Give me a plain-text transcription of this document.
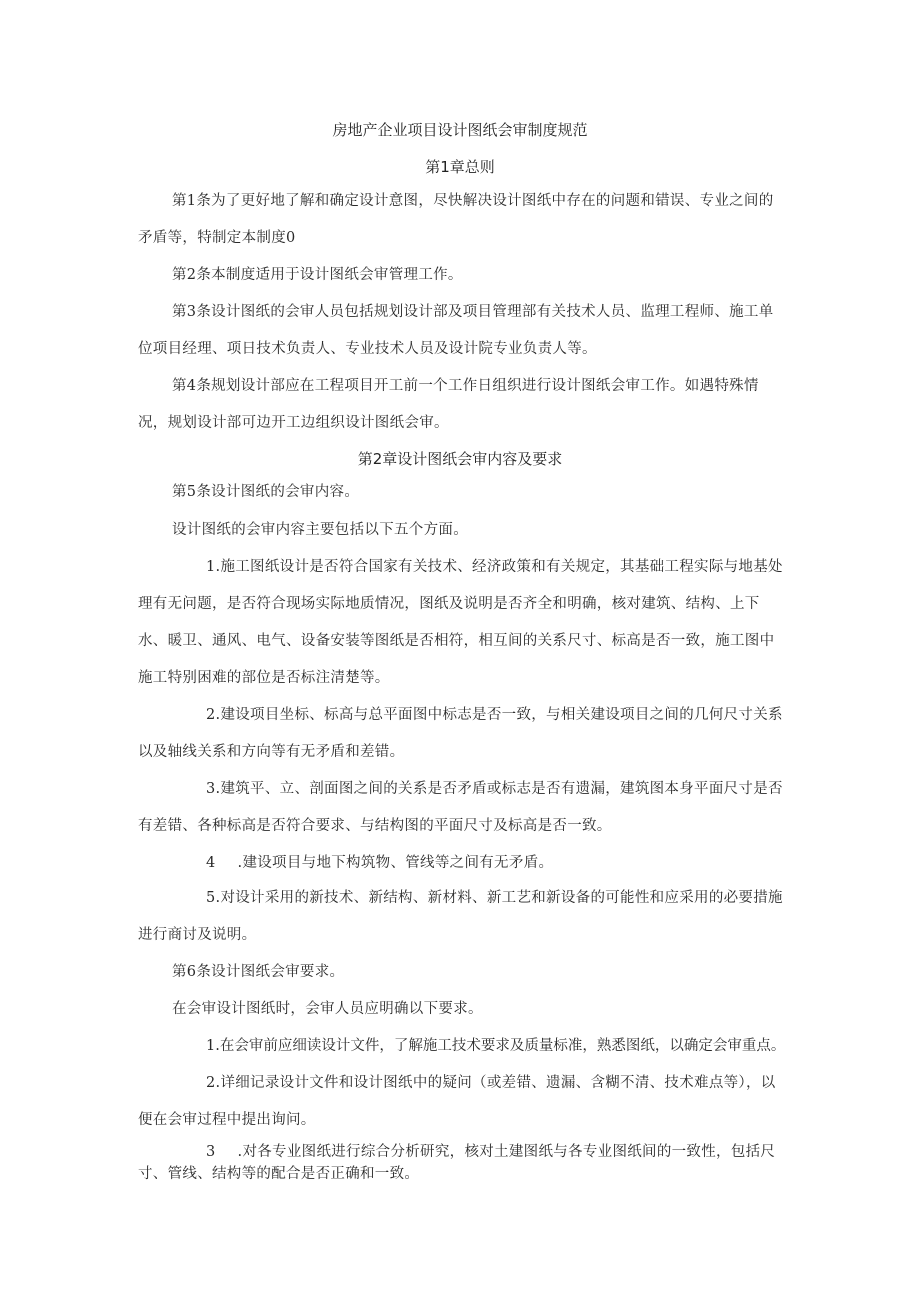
房地产企业项目设计图纸会审制度规范
第1章总则
第1条为了更好地了解和确定设计意图，尽快解决设计图纸中存在的问题和错误、专业之间的矛盾等，特制定本制度0
第2条本制度适用于设计图纸会审管理工作。
第3条设计图纸的会审人员包括规划设计部及项目管理部有关技术人员、监理工程师、施工单位项目经理、项日技术负责人、专业技术人员及设计院专业负责人等。
第4条规划设计部应在工程项目开工前一个工作日组织进行设计图纸会审工作。如遇特殊情况，规划设计部可边开工边组织设计图纸会审。
第2章设计图纸会审内容及要求
第5条设计图纸的会审内容。
设计图纸的会审内容主要包括以下五个方面。
1.施工图纸设计是否符合国家有关技术、经济政策和有关规定，其基础工程实际与地基处理有无问题，是否符合现场实际地质情况，图纸及说明是否齐全和明确，核对建筑、结构、上下水、暖卫、通风、电气、设备安装等图纸是否相符，相互间的关系尺寸、标高是否一致，施工图中施工特别困难的部位是否标注清楚等。
2.建设项目坐标、标高与总平面图中标志是否一致，与相关建设项目之间的几何尺寸关系以及轴线关系和方向等有无矛盾和差错。
3.建筑平、立、剖面图之间的关系是否矛盾或标志是否有遗漏，建筑图本身平面尺寸是否有差错、各种标高是否符合要求、与结构图的平面尺寸及标高是否一致。
4 .建设项目与地下构筑物、管线等之间有无矛盾。
5.对设计采用的新技术、新结构、新材料、新工艺和新设备的可能性和应采用的必要措施进行商讨及说明。
第6条设计图纸会审要求。
在会审设计图纸时，会审人员应明确以下要求。
1.在会审前应细读设计文件，了解施工技术要求及质量标准，熟悉图纸，以确定会审重点。
2.详细记录设计文件和设计图纸中的疑问（或差错、遗漏、含糊不清、技术难点等），以便在会审过程中提出询问。
3 .对各专业图纸进行综合分析研究，核对土建图纸与各专业图纸间的一致性，包括尺寸、管线、结构等的配合是否正确和一致。
